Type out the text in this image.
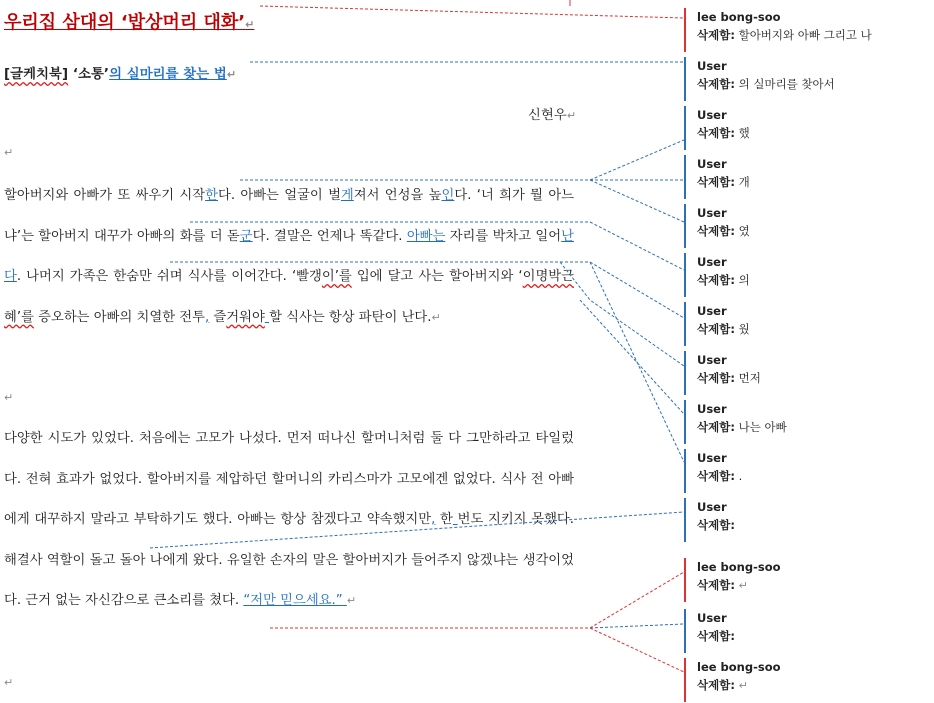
우리집 삼대의 ‘밥상머리 대화’↵
[글케치북] ‘소통’의 실마리를 찾는 법↵
신현우↵
↵
할아버지와 아빠가 또 싸우기 시작한다. 아빠는 얼굴이 벌게져서 언성을 높인다. ‘너 희가 뭘 아느냐’는 할아버지 대꾸가 아빠의 화를 더 돋군다. 결말은 언제나 똑같다. 아빠는 자리를 박차고 일어난다. 나머지 가족은 한숨만 쉬며 식사를 이어간다. ‘빨갱이’를 입에 달고 사는 할아버지와 ‘이명박근혜’를 증오하는 아빠의 치열한 전투, 즐거워야 할 식사는 항상 파탄이 난다.↵
↵
다양한 시도가 있었다. 처음에는 고모가 나섰다. 먼저 떠나신 할머니처럼 둘 다 그만하라고 타일렀다. 전혀 효과가 없었다. 할아버지를 제압하던 할머니의 카리스마가 고모에겐 없었다. 식사 전 아빠에게 대꾸하지 말라고 부탁하기도 했다. 아빠는 항상 참겠다고 약속했지만, 한 번도 지키지 못했다. 해결사 역할이 돌고 돌아 나에게 왔다. 유일한 손자의 말은 할아버지가 들어주지 않겠냐는 생각이었다. 근거 없는 자신감으로 큰소리를 쳤다. “저만 믿으세요.” ↵
↵
lee bong-soo
삭제함: 할아버지와 아빠 그리고 나
User
삭제함: 의 실마리를 찾아서
User
삭제함: 했
User
삭제함: 개
User
삭제함: 였
User
삭제함: 의
User
삭제함: 웠
User
삭제함: 먼저
User
삭제함: 나는 아빠
User
삭제함: .
User
삭제함:
lee bong-soo
삭제함: ↵
User
삭제함:
lee bong-soo
삭제함: ↵
